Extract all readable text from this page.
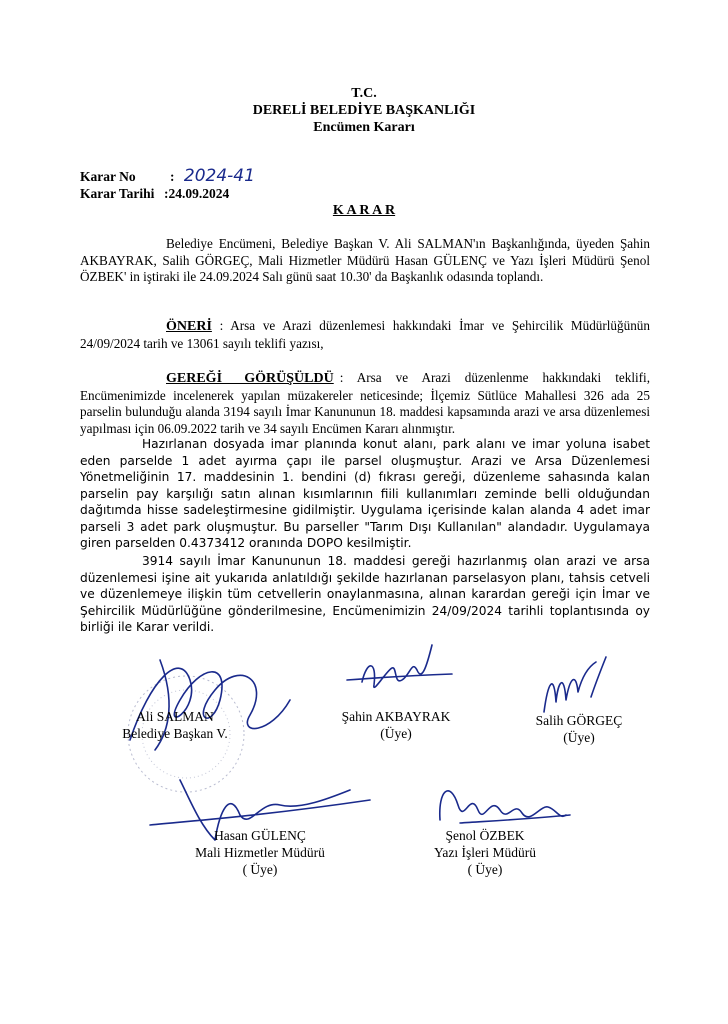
T.C.
DERELİ BELEDİYE BAŞKANLIĞI
Encümen Kararı
Karar No	: 2024-41
Karar Tarihi :24.09.2024
K A R A R
Belediye Encümeni, Belediye Başkan V. Ali SALMAN'ın Başkanlığında, üyeden Şahin AKBAYRAK, Salih GÖRGEÇ, Mali Hizmetler Müdürü Hasan GÜLENÇ ve Yazı İşleri Müdürü Şenol ÖZBEK' in iştiraki ile 24.09.2024 Salı günü saat 10.30' da Başkanlık odasında toplandı.
ÖNERİ : Arsa ve Arazi düzenlemesi hakkındaki İmar ve Şehircilik Müdürlüğünün 24/09/2024 tarih ve 13061 sayılı teklifi yazısı,
GEREĞİ GÖRÜŞÜLDÜ : Arsa ve Arazi düzenlenme hakkındaki teklifi, Encümenimizde incelenerek yapılan müzakereler neticesinde; İlçemiz Sütlüce Mahallesi 326 ada 25 parselin bulunduğu alanda 3194 sayılı İmar Kanununun 18. maddesi kapsamında arazi ve arsa düzenlemesi yapılması için 06.09.2022 tarih ve 34 sayılı Encümen Kararı alınmıştır.
Hazırlanan dosyada imar planında konut alanı, park alanı ve imar yoluna isabet eden parselde 1 adet ayırma çapı ile parsel oluşmuştur. Arazi ve Arsa Düzenlemesi Yönetmeliğinin 17. maddesinin 1. bendini (d) fıkrası gereği, düzenleme sahasında kalan parselin pay karşılığı satın alınan kısımlarının fiili kullanımları zeminde belli olduğundan dağıtımda hisse sadeleştirmesine gidilmiştir. Uygulama içerisinde kalan alanda 4 adet imar parseli 3 adet park oluşmuştur. Bu parseller "Tarım Dışı Kullanılan" alandadır. Uygulamaya giren parselden 0.4373412 oranında DOPO kesilmiştir.
3914 sayılı İmar Kanununun 18. maddesi gereği hazırlanmış olan arazi ve arsa düzenlemesi işine ait yukarıda anlatıldığı şekilde hazırlanan parselasyon planı, tahsis cetveli ve düzenlemeye ilişkin tüm cetvellerin onaylanmasına, alınan karardan gereği için İmar ve Şehircilik Müdürlüğüne gönderilmesine, Encümenimizin 24/09/2024 tarihli toplantısında oy birliği ile Karar verildi.
Ali SALMAN
Belediye Başkan V.
Şahin AKBAYRAK
(Üye)
Salih GÖRGEÇ
(Üye)
Hasan GÜLENÇ
Mali Hizmetler Müdürü
( Üye)
Şenol ÖZBEK
Yazı İşleri Müdürü
( Üye)
